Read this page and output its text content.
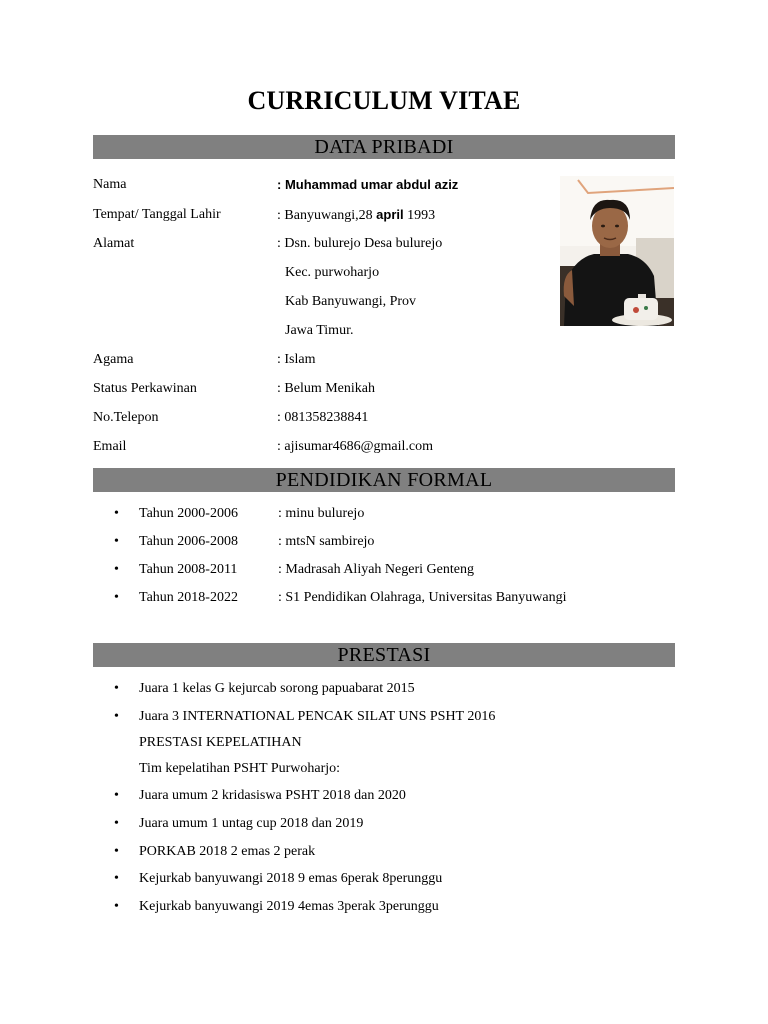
CURRICULUM VITAE
DATA PRIBADI
Nama	: Muhammad umar abdul aziz
Tempat/ Tanggal Lahir	: Banyuwangi,28 april 1993
Alamat	: Dsn. bulurejo Desa bulurejo
Kec. purwoharjo
Kab Banyuwangi, Prov
Jawa Timur.
Agama	: Islam
Status Perkawinan	: Belum Menikah
No.Telepon	: 081358238841
Email	: ajisumar4686@gmail.com
PENDIDIKAN FORMAL
•
Tahun 2000-2006	: minu bulurejo
•
Tahun 2006-2008	: mtsN sambirejo
•
Tahun 2008-2011	: Madrasah Aliyah Negeri Genteng
•
Tahun 2018-2022	: S1 Pendidikan Olahraga, Universitas Banyuwangi
PRESTASI
•
Juara 1 kelas G kejurcab sorong papuabarat 2015
•
Juara 3 INTERNATIONAL PENCAK SILAT UNS PSHT 2016
PRESTASI KEPELATIHAN
Tim kepelatihan PSHT Purwoharjo:
•
Juara umum 2 kridasiswa PSHT 2018 dan 2020
•
Juara umum 1 untag cup 2018 dan 2019
•
PORKAB 2018 2 emas 2 perak
•
Kejurkab banyuwangi 2018 9 emas 6perak 8perunggu
•
Kejurkab banyuwangi 2019 4emas 3perak 3perunggu
